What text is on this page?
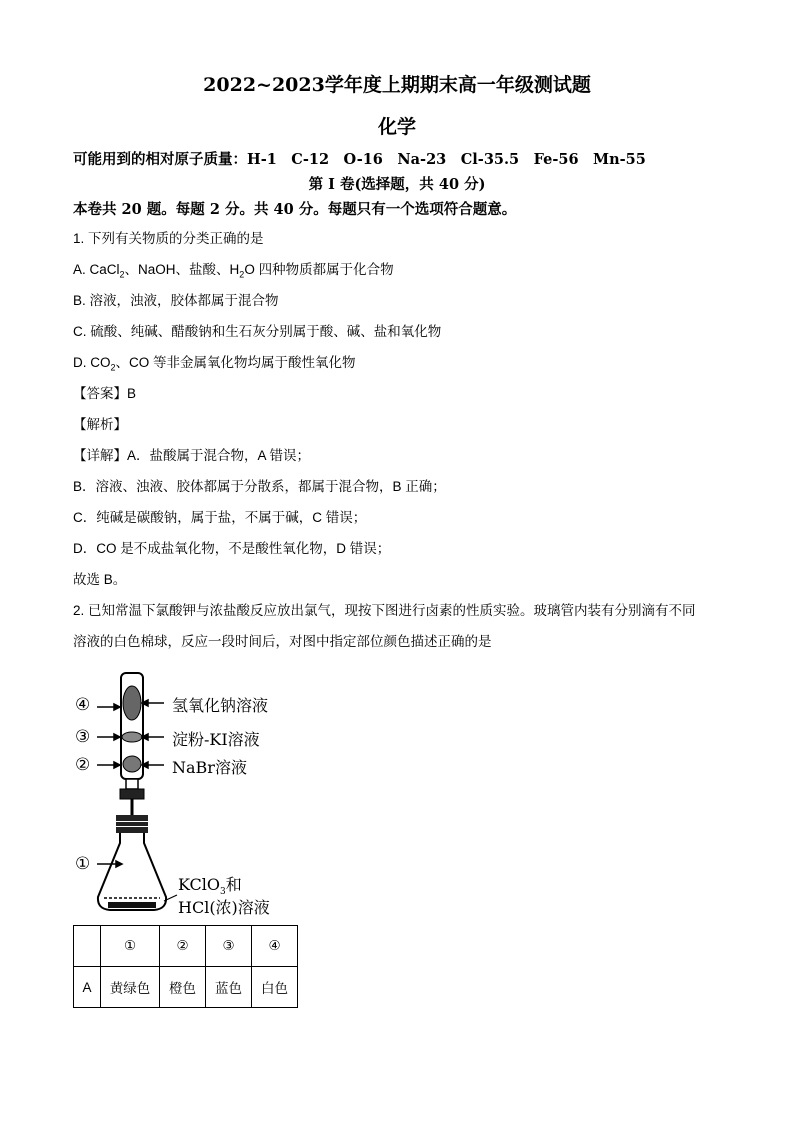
2022~2023学年度上期期末高一年级测试题
化学
可能用到的相对原子质量：H-1　C-12　O-16　Na-23　Cl-35.5　Fe-56　Mn-55
第 I 卷(选择题，共 40 分)
本卷共 20 题。每题 2 分。共 40 分。每题只有一个选项符合题意。
1. 下列有关物质的分类正确的是
A. CaCl$_2$、NaOH、盐酸、$H_2O$ 四种物质都属于化合物
B. 溶液，浊液，胶体都属于混合物
C. 硫酸、纯碱、醋酸钠和生石灰分别属于酸、碱、盐和氧化物
D. $CO_2$、CO 等非金属氧化物均属于酸性氧化物
【答案】B
【解析】
【详解】A．盐酸属于混合物，A 错误；
B．溶液、浊液、胶体都属于分散系，都属于混合物，B 正确；
C．纯碱是碳酸钠，属于盐，不属于碱，C 错误；
D．CO 是不成盐氧化物，不是酸性氧化物，D 错误；
故选 B。
2. 已知常温下氯酸钾与浓盐酸反应放出氯气，现按下图进行卤素的性质实验。玻璃管内装有分别滴有不同
溶液的白色棉球，反应一段时间后，对图中指定部位颜色描述正确的是
④
③
②
①
氢氧化钠溶液
淀粉-KI溶液
NaBr溶液
KClO$_3$和
HCl(浓)溶液
	①	②	③	④
A	黄绿色	橙色	蓝色	白色
